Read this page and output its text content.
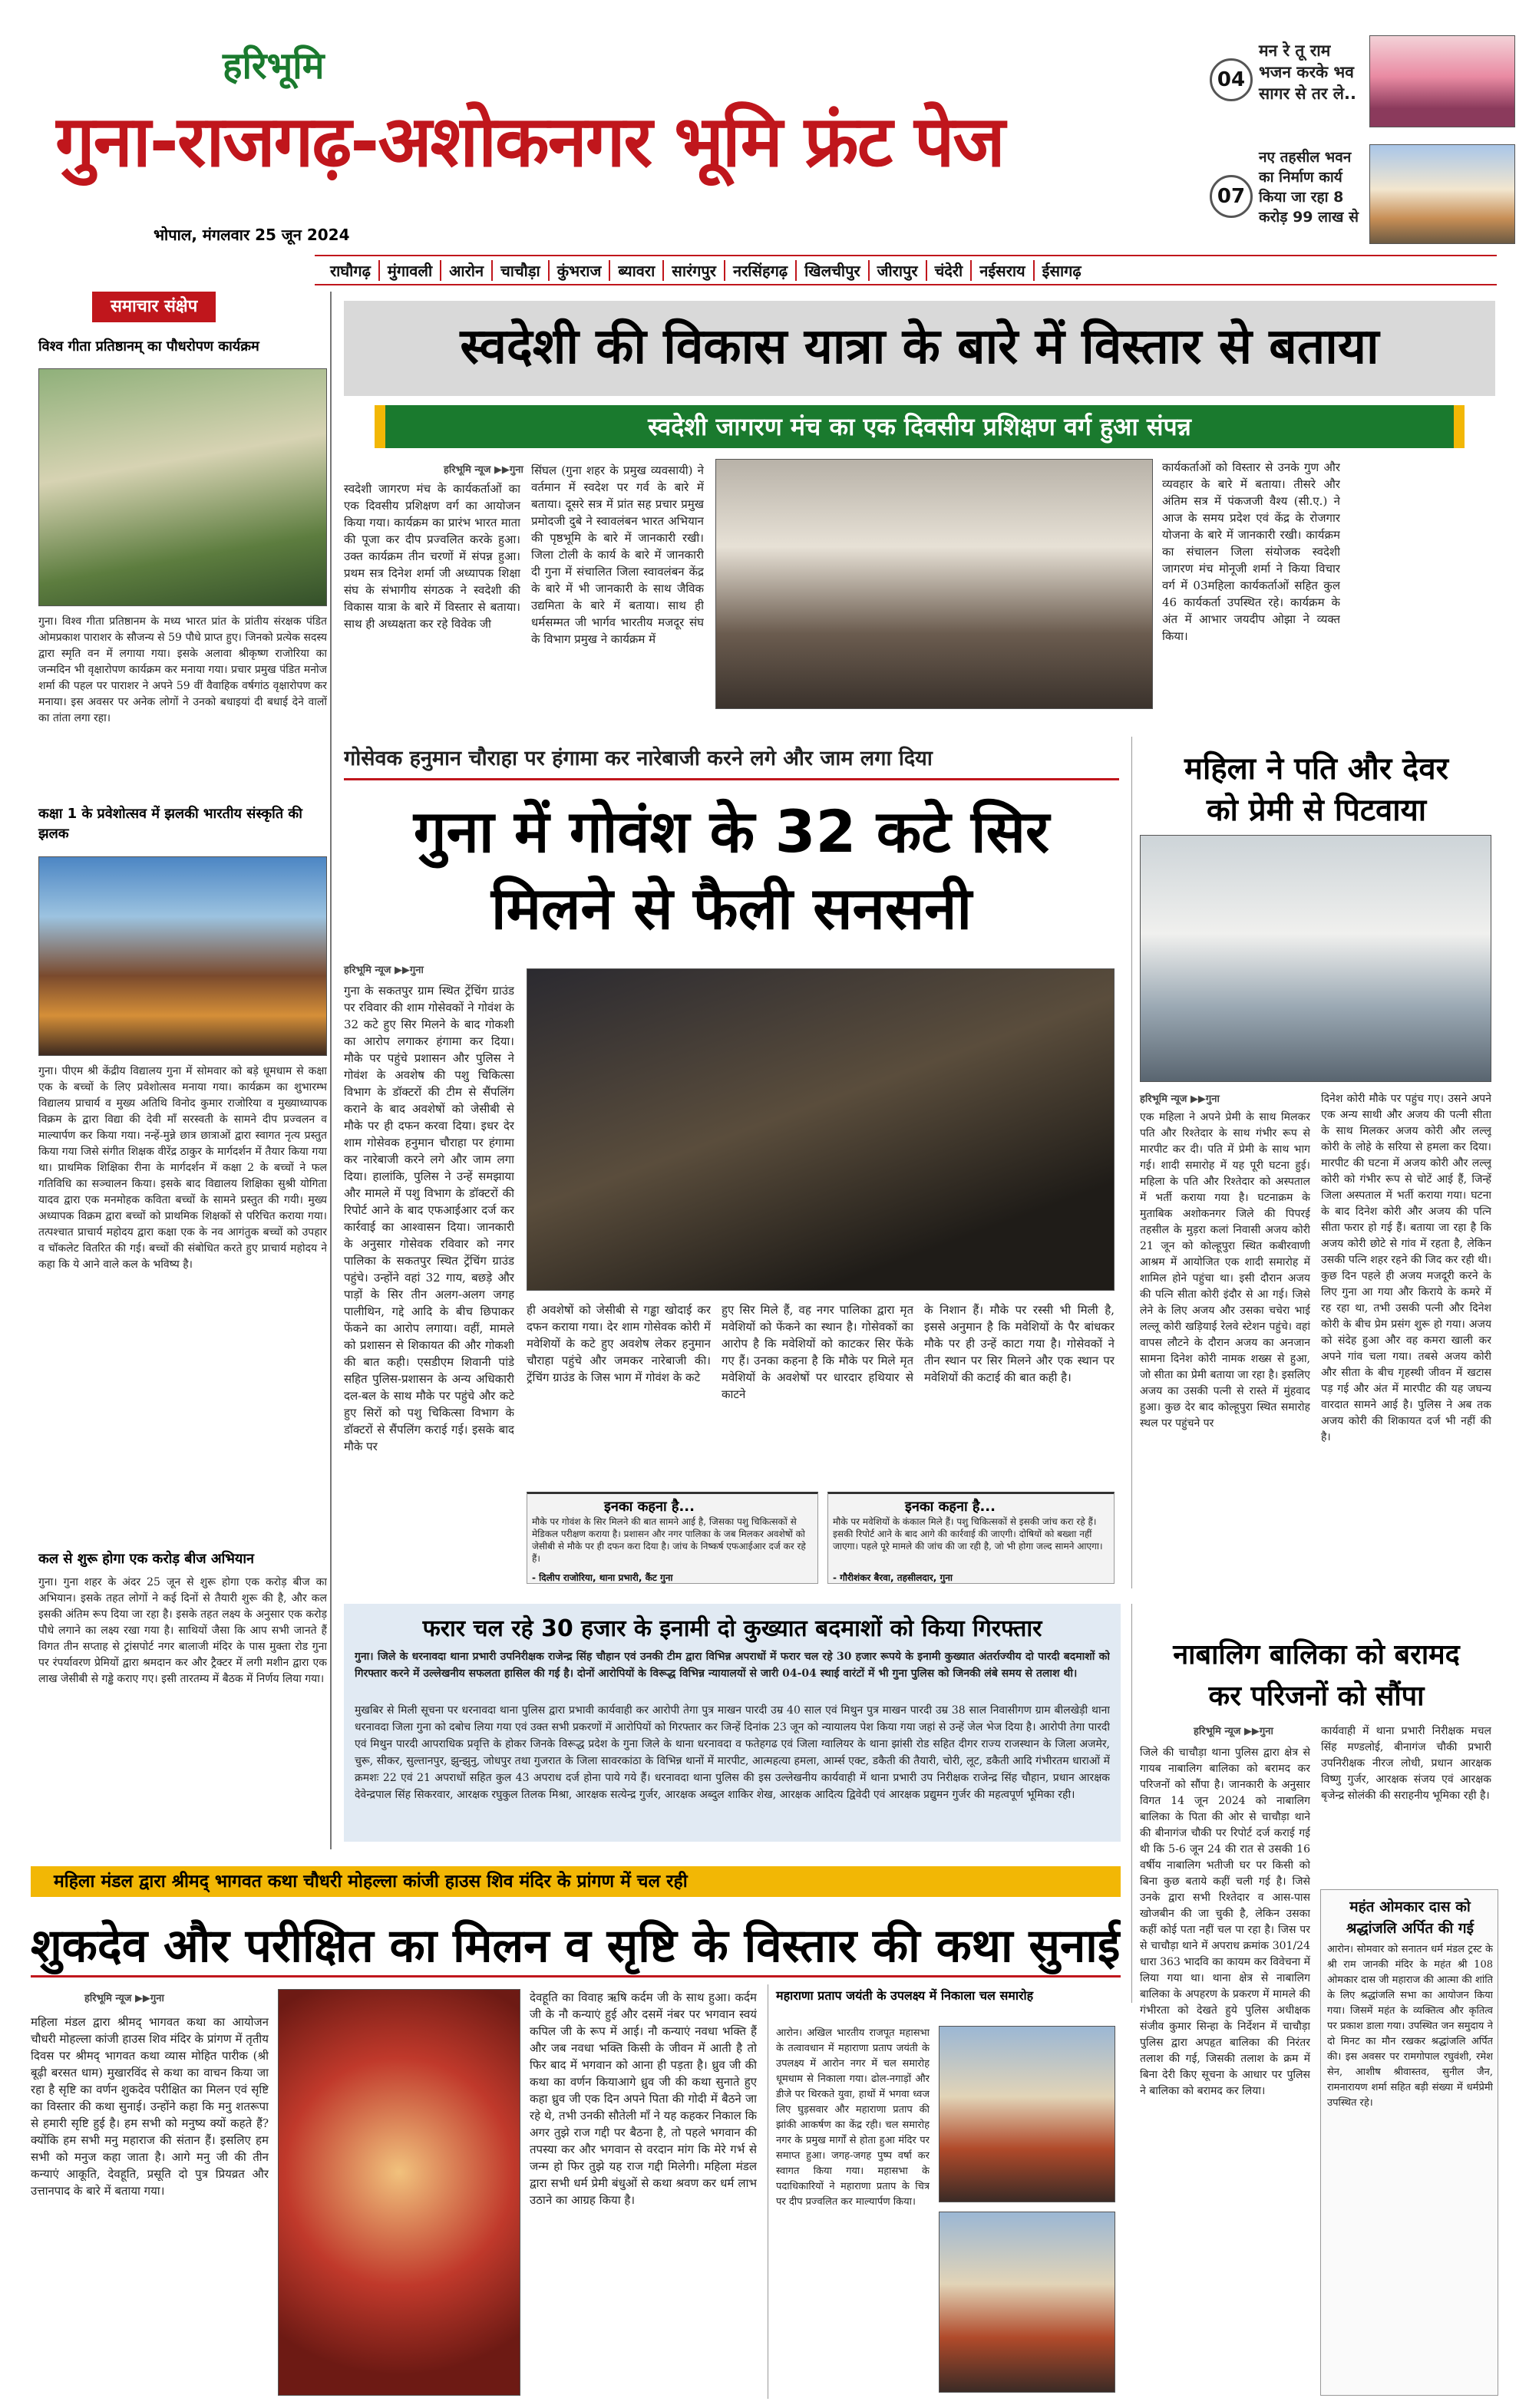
हरिभूमि
गुना-राजगढ़-अशोकनगर भूमि फ्रंट पेज
भोपाल, मंगलवार 25 जून 2024
04
मन रे तू राम भजन करके भव सागर से तर ले..
07
नए तहसील भवन का निर्माण कार्य किया जा रहा 8 करोड़ 99 लाख से
राघौगढ़	मुंगावली	आरोन	चाचौड़ा	कुंभराज	ब्यावरा	सारंगपुर	नरसिंहगढ़	खिलचीपुर	जीरापुर	चंदेरी	नईसराय	ईसागढ़
समाचार संक्षेप
विश्व गीता प्रतिष्ठानम् का पौधरोपण कार्यक्रम
गुना। विश्व गीता प्रतिष्ठानम के मध्य भारत प्रांत के प्रांतीय संरक्षक पंडित ओमप्रकाश पाराशर के सौजन्य से 59 पौधे प्राप्त हुए। जिनको प्रत्येक सदस्य द्वारा स्मृति वन में लगाया गया। इसके अलावा श्रीकृष्ण राजोरिया का जन्मदिन भी वृक्षारोपण कार्यक्रम कर मनाया गया। प्रचार प्रमुख पंडित मनोज शर्मा की पहल पर पाराशर ने अपने 59 वीं वैवाहिक वर्षगांठ वृक्षारोपण कर मनाया। इस अवसर पर अनेक लोगों ने उनको बधाइयां दी बधाई देने वालों का तांता लगा रहा।
कक्षा 1 के प्रवेशोत्सव में झलकी भारतीय संस्कृति की झलक
गुना। पीएम श्री केंद्रीय विद्यालय गुना में सोमवार को बड़े धूमधाम से कक्षा एक के बच्चों के लिए प्रवेशोत्सव मनाया गया। कार्यक्रम का शुभारम्भ विद्यालय प्राचार्य व मुख्य अतिथि विनोद कुमार राजोरिया व मुख्याध्यापक विक्रम के द्वारा विद्या की देवी माँ सरस्वती के सामने दीप प्रज्वलन व माल्यार्पण कर किया गया। नन्हें-मुन्ने छात्र छात्राओं द्वारा स्वागत नृत्य प्रस्तुत किया गया जिसे संगीत शिक्षक वीरेंद्र ठाकुर के मार्गदर्शन में तैयार किया गया था। प्राथमिक शिक्षिका रीना के मार्गदर्शन में कक्षा 2 के बच्चों ने फल गतिविधि का सञ्चालन किया। इसके बाद विद्यालय शिक्षिका सुश्री योगिता यादव द्वारा एक मनमोहक कविता बच्चों के सामने प्रस्तुत की गयी। मुख्य अध्यापक विक्रम द्वारा बच्चों को प्राथमिक शिक्षकों से परिचित कराया गया। तत्पश्चात प्राचार्य महोदय द्वारा कक्षा एक के नव आगंतुक बच्चों को उपहार व चॉकलेट वितरित की गई। बच्चों की संबोधित करते हुए प्राचार्य महोदय ने कहा कि ये आने वाले कल के भविष्य है।
कल से शुरू होगा एक करोड़ बीज अभियान
गुना। गुना शहर के अंदर 25 जून से शुरू होगा एक करोड़ बीज का अभियान। इसके तहत लोगों ने कई दिनों से तैयारी शुरू की है, और कल इसकी अंतिम रूप दिया जा रहा है। इसके तहत लक्ष्य के अनुसार एक करोड़ पौधे लगाने का लक्ष्य रखा गया है। साथियों जैसा कि आप सभी जानते हैं विगत तीन सप्ताह से ट्रांसपोर्ट नगर बालाजी मंदिर के पास मुक्ता रोड गुना पर रंपर्यावरण प्रेमियों द्वारा श्रमदान कर और ट्रैक्टर में लगी मशीन द्वारा एक लाख जेसीबी से गड्ढे कराए गए। इसी तारतम्य में बैठक में निर्णय लिया गया।
स्वदेशी की विकास यात्रा के बारे में विस्तार से बताया
स्वदेशी जागरण मंच का एक दिवसीय प्रशिक्षण वर्ग हुआ संपन्न
हरिभूमि न्यूज ▶▶गुना
स्वदेशी जागरण मंच के कार्यकर्ताओं का एक दिवसीय प्रशिक्षण वर्ग का आयोजन किया गया। कार्यक्रम का प्रारंभ भारत माता की पूजा कर दीप प्रज्वलित करके हुआ। उक्त कार्यक्रम तीन चरणों में संपन्न हुआ। प्रथम सत्र दिनेश शर्मा जी अध्यापक शिक्षा संघ के संभागीय संगठक ने स्वदेशी की विकास यात्रा के बारे में विस्तार से बताया। साथ ही अध्यक्षता कर रहे विवेक जी
सिंघल (गुना शहर के प्रमुख व्यवसायी) ने वर्तमान में स्वदेश पर गर्व के बारे में बताया। दूसरे सत्र में प्रांत सह प्रचार प्रमुख प्रमोदजी दुबे ने स्वावलंबन भारत अभियान की पृष्ठभूमि के बारे में जानकारी रखी। जिला टोली के कार्य के बारे में जानकारी दी गुना में संचालित जिला स्वावलंबन केंद्र के बारे में भी जानकारी के साथ जैविक उद्यमिता के बारे में बताया। साथ ही धर्मसम्मत जी भार्गव भारतीय मजदूर संघ के विभाग प्रमुख ने कार्यक्रम में
कार्यकर्ताओं को विस्तार से उनके गुण और व्यवहार के बारे में बताया। तीसरे और अंतिम सत्र में पंकजजी वैश्य (सी.ए.) ने आज के समय प्रदेश एवं केंद्र के रोजगार योजना के बारे में जानकारी रखी। कार्यक्रम का संचालन जिला संयोजक स्वदेशी जागरण मंच मोनूजी शर्मा ने किया विचार वर्ग में 03महिला कार्यकर्ताओं सहित कुल 46 कार्यकर्ता उपस्थित रहे। कार्यक्रम के अंत में आभार जयदीप ओझा ने व्यक्त किया।
गोसेवक हनुमान चौराहा पर हंगामा कर नारेबाजी करने लगे और जाम लगा दिया
गुना में गोवंश के 32 कटे सिर
मिलने से फैली सनसनी
हरिभूमि न्यूज ▶▶गुना
गुना के सकतपुर ग्राम स्थित ट्रेंचिंग ग्राउंड पर रविवार की शाम गोसेवकों ने गोवंश के 32 कटे हुए सिर मिलने के बाद गोकशी का आरोप लगाकर हंगामा कर दिया। मौके पर पहुंचे प्रशासन और पुलिस ने गोवंश के अवशेष की पशु चिकित्सा विभाग के डॉक्टरों की टीम से सैंपलिंग कराने के बाद अवशेषों को जेसीबी से मौके पर ही दफन करवा दिया। इधर देर शाम गोसेवक हनुमान चौराहा पर हंगामा कर नारेबाजी करने लगे और जाम लगा दिया। हालांकि, पुलिस ने उन्हें समझाया और मामले में पशु विभाग के डॉक्टरों की रिपोर्ट आने के बाद एफआईआर दर्ज कर कार्रवाई का आश्वासन दिया। जानकारी के अनुसार गोसेवक रविवार को नगर पालिका के सकतपुर स्थित ट्रेंचिंग ग्राउंड पहुंचे। उन्होंने वहां 32 गाय, बछड़े और पाड़ों के सिर तीन अलग-अलग जगह पालीथिन, गद्दे आदि के बीच छिपाकर फेंकने का आरोप लगाया। वहीं, मामले को प्रशासन से शिकायत की और गोकशी की बात कही। एसडीएम शिवानी पांडे सहित पुलिस-प्रशासन के अन्य अधिकारी दल-बल के साथ मौके पर पहुंचे और कटे हुए सिरों को पशु चिकित्सा विभाग के डॉक्टरों से सैंपलिंग कराई गई। इसके बाद मौके पर
ही अवशेषों को जेसीबी से गड्ढा खोदाई कर दफन कराया गया। देर शाम गोसेवक कोरी में मवेशियों के कटे हुए अवशेष लेकर हनुमान चौराहा पहुंचे और जमकर नारेबाजी की। ट्रेंचिंग ग्राउंड के जिस भाग में गोवंश के कटे
हुए सिर मिले हैं, वह नगर पालिका द्वारा मृत मवेशियों को फेंकने का स्थान है। गोसेवकों का आरोप है कि मवेशियों को काटकर सिर फेंके गए हैं। उनका कहना है कि मौके पर मिले मृत मवेशियों के अवशेषों पर धारदार हथियार से काटने
के निशान हैं। मौके पर रस्सी भी मिली है, इससे अनुमान है कि मवेशियों के पैर बांधकर मौके पर ही उन्हें काटा गया है। गोसेवकों ने तीन स्थान पर सिर मिलने और एक स्थान पर मवेशियों की कटाई की बात कही है।
इनका कहना है...
मौके पर गोवंश के सिर मिलने की बात सामने आई है, जिसका पशु चिकित्सकों से मेडिकल परीक्षण कराया है। प्रशासन और नगर पालिका के जब मिलकर अवशेषों को जेसीबी से मौके पर ही दफन करा दिया है। जांच के निष्कर्ष एफआईआर दर्ज कर रहे हैं।
- दिलीप राजोरिया, थाना प्रभारी, कैंट गुना
इनका कहना है...
मौके पर मवेशियों के कंकाल मिले हैं। पशु चिकित्सकों से इसकी जांच करा रहे हैं। इसकी रिपोर्ट आने के बाद आगे की कार्रवाई की जाएगी। दोषियों को बख्शा नहीं जाएगा। पहले पूरे मामले की जांच की जा रही है, जो भी होगा जल्द सामने आएगा।
- गौरीशंकर बैरवा, तहसीलदार, गुना
महिला ने पति और देवर
को प्रेमी से पिटवाया
हरिभूमि न्यूज ▶▶गुना
एक महिला ने अपने प्रेमी के साथ मिलकर पति और रिश्तेदार के साथ गंभीर रूप से मारपीट कर दी। पति में प्रेमी के साथ भाग गई। शादी समारोह में यह पूरी घटना हुई। महिला के पति और रिश्तेदार को अस्पताल में भर्ती कराया गया है। घटनाक्रम के मुताबिक अशोकनगर जिले की पिपरई तहसील के मुड़रा कलां निवासी अजय कोरी 21 जून को कोल्हूपुरा स्थित कबीरवाणी आश्रम में आयोजित एक शादी समारोह में शामिल होने पहुंचा था। इसी दौरान अजय की पत्नि सीता कोरी इंदौर से आ गई। जिसे लेने के लिए अजय और उसका चचेरा भाई लल्लू कोरी खड़ियाई रेलवे स्टेशन पहुंचे। वहां वापस लौटने के दौरान अजय का अनजान सामना दिनेश कोरी नामक शख्स से हुआ, जो सीता का प्रेमी बताया जा रहा है। इसलिए अजय का उसकी पत्नी से रास्ते में मुंहवाद हुआ। कुछ देर बाद कोल्हूपुरा स्थित समारोह स्थल पर पहुंचने पर
दिनेश कोरी मौके पर पहुंच गए। उसने अपने एक अन्य साथी और अजय की पत्नी सीता के साथ मिलकर अजय कोरी और लल्लू कोरी के लोहे के सरिया से हमला कर दिया। मारपीट की घटना में अजय कोरी और लल्लू कोरी को गंभीर रूप से चोटें आई हैं, जिन्हें जिला अस्पताल में भर्ती कराया गया। घटना के बाद दिनेश कोरी और अजय की पत्नि सीता फरार हो गई हैं। बताया जा रहा है कि अजय कोरी छोटे से गांव में रहता है, लेकिन उसकी पत्नि शहर रहने की जिद कर रही थी। कुछ दिन पहले ही अजय मजदूरी करने के लिए गुना आ गया और किराये के कमरे में रह रहा था, तभी उसकी पत्नी और दिनेश कोरी के बीच प्रेम प्रसंग शुरू हो गया। अजय को संदेह हुआ और वह कमरा खाली कर अपने गांव चला गया। तबसे अजय कोरी और सीता के बीच गृहस्थी जीवन में खटास पड़ गई और अंत में मारपीट की यह जघन्य वारदात सामने आई है। पुलिस ने अब तक अजय कोरी की शिकायत दर्ज भी नहीं की है।
फरार चल रहे 30 हजार के इनामी दो कुख्यात बदमाशों को किया गिरफ्तार
गुना। जिले के धरनावदा थाना प्रभारी उपनिरीक्षक राजेन्द्र सिंह चौहान एवं उनकी टीम द्वारा विभिन्न अपराधों में फरार चल रहे 30 हजार रूपये के इनामी कुख्यात अंतर्राज्यीय दो पारदी बदमाशों को गिरफ्तार करने में उल्लेखनीय सफलता हासिल की गई है। दोनों आरोपियों के विरूद्ध विभिन्न न्यायालयों से जारी 04-04 स्थाई वारंटों में भी गुना पुलिस को जिनकी लंबे समय से तलाश थी।
मुखबिर से मिली सूचना पर धरनावदा थाना पुलिस द्वारा प्रभावी कार्यवाही कर आरोपी तेगा पुत्र माखन पारदी उम्र 40 साल एवं मिथुन पुत्र माखन पारदी उम्र 38 साल निवासीगण ग्राम बीलखेड़ी थाना धरनावदा जिला गुना को दबोच लिया गया एवं उक्त सभी प्रकरणों में आरोपियों को गिरफ्तार कर जिन्हें दिनांक 23 जून को न्यायालय पेश किया गया जहां से उन्हें जेल भेज दिया है। आरोपी तेगा पारदी एवं मिथुन पारदी आपराधिक प्रवृत्ति के होकर जिनके विरूद्ध प्रदेश के गुना जिले के थाना धरनावदा व फतेहगढ एवं जिला ग्वालियर के थाना झांसी रोड सहित दीगर राज्य राजस्थान के जिला अजमेर, चुरू, सीकर, सुल्तानपुर, झुन्झुनु, जोधपुर तथा गुजरात के जिला सावरकांठा के विभिन्न थानों में मारपीट, आत्महत्या हमला, आर्म्स एक्ट, डकैती की तैयारी, चोरी, लूट, डकैती आदि गंभीरतम धाराओं में क्रमशः 22 एवं 21 अपराधों सहित कुल 43 अपराध दर्ज होना पाये गये हैं। धरनावदा थाना पुलिस की इस उल्लेखनीय कार्यवाही में थाना प्रभारी उप निरीक्षक राजेन्द्र सिंह चौहान, प्रधान आरक्षक देवेन्द्रपाल सिंह सिकरवार, आरक्षक रघुकुल तिलक मिश्रा, आरक्षक सत्येन्द्र गुर्जर, आरक्षक अब्दुल शाकिर शेख, आरक्षक आदित्य द्विवेदी एवं आरक्षक प्रद्युमन गुर्जर की महत्वपूर्ण भूमिका रही।
नाबालिग बालिका को बरामद
कर परिजनों को सौंपा
हरिभूमि न्यूज ▶▶गुना
जिले की चाचौड़ा थाना पुलिस द्वारा क्षेत्र से गायब नाबालिग बालिका को बरामद कर परिजनों को सौंपा है। जानकारी के अनुसार विगत 14 जून 2024 को नाबालिग बालिका के पिता की ओर से चाचौड़ा थाने की बीनागंज चौकी पर रिपोर्ट दर्ज कराई गई थी कि 5-6 जून 24 की रात से उसकी 16 वर्षीय नाबालिग भतीजी घर पर किसी को बिना कुछ बताये कहीं चली गई है। जिसे उनके द्वारा सभी रिश्तेदार व आस-पास खोजबीन की जा चुकी है, लेकिन उसका कहीं कोई पता नहीं चल पा रहा है। जिस पर से चाचौड़ा थाने में अपराध क्रमांक 301/24 धारा 363 भादवि का कायम कर विवेचना में लिया गया था। थाना क्षेत्र से नाबालिग बालिका के अपहरण के प्रकरण में मामले की गंभीरता को देखते हुये पुलिस अधीक्षक संजीव कुमार सिन्हा के निर्देशन में चाचौड़ा पुलिस द्वारा अपहृत बालिका की निरंतर तलाश की गई, जिसकी तलाश के क्रम में बिना देरी किए सूचना के आधार पर पुलिस ने बालिका को बरामद कर लिया।
कार्यवाही में थाना प्रभारी निरीक्षक मचल सिंह मण्डलोई, बीनागंज चौकी प्रभारी उपनिरीक्षक नीरज लोधी, प्रधान आरक्षक विष्णु गुर्जर, आरक्षक संजय एवं आरक्षक बृजेन्द्र सोलंकी की सराहनीय भूमिका रही है।
महंत ओमकार दास को
श्रद्धांजलि अर्पित की गई
आरोन। सोमवार को सनातन धर्म मंडल ट्रस्ट के श्री राम जानकी मंदिर के महंत श्री 108 ओमकार दास जी महाराज की आत्मा की शांति के लिए श्रद्धांजलि सभा का आयोजन किया गया। जिसमें महंत के व्यक्तित्व और कृतित्व पर प्रकाश डाला गया। उपस्थित जन समुदाय ने दो मिनट का मौन रखकर श्रद्धांजलि अर्पित की। इस अवसर पर रामगोपाल रघुवंशी, रमेश सेन, आशीष श्रीवास्तव, सुनील जैन, रामनारायण शर्मा सहित बड़ी संख्या में धर्मप्रेमी उपस्थित रहे।
महिला मंडल द्वारा श्रीमद् भागवत कथा चौधरी मोहल्ला कांजी हाउस शिव मंदिर के प्रांगण में चल रही
शुकदेव और परीक्षित का मिलन व सृष्टि के विस्तार की कथा सुनाई
हरिभूमि न्यूज ▶▶गुना
महिला मंडल द्वारा श्रीमद् भागवत कथा का आयोजन चौधरी मोहल्ला कांजी हाउस शिव मंदिर के प्रांगण में तृतीय दिवस पर श्रीमद् भागवत कथा व्यास मोहित पारीक (श्री बूढ़ी बरसत धाम) मुखारविंद से कथा का वाचन किया जा रहा है सृष्टि का वर्णन शुकदेव परीक्षित का मिलन एवं सृष्टि का विस्तार की कथा सुनाई। उन्होंने कहा कि मनु शतरूपा से हमारी सृष्टि हुई है। हम सभी को मनुष्य क्यों कहते हैं? क्योंकि हम सभी मनु महाराज की संतान हैं। इसलिए हम सभी को मनुज कहा जाता है। आगे मनु जी की तीन कन्याएं आकूति, देवहूति, प्रसूति दो पुत्र प्रियव्रत और उत्तानपाद के बारे में बताया गया।
देवहूति का विवाह ऋषि कर्दम जी के साथ हुआ। कर्दम जी के नौ कन्याएं हुई और दसमें नंबर पर भगवान स्वयं कपिल जी के रूप में आई। नौ कन्याएं नवधा भक्ति हैं और जब नवधा भक्ति किसी के जीवन में आती है तो फिर बाद में भगवान को आना ही पड़ता है। ध्रुव जी की कथा का वर्णन कियाआगे ध्रुव जी की कथा सुनाते हुए कहा ध्रुव जी एक दिन अपने पिता की गोदी में बैठने जा रहे थे, तभी उनकी सौतेली माँ ने यह कहकर निकाल कि अगर तुझे राज गद्दी पर बैठना है, तो पहले भगवान की तपस्या कर और भगवान से वरदान मांग कि मेरे गर्भ से जन्म हो फिर तुझे यह राज गद्दी मिलेगी। महिला मंडल द्वारा सभी धर्म प्रेमी बंधुओं से कथा श्रवण कर धर्म लाभ उठाने का आग्रह किया है।
महाराणा प्रताप जयंती के उपलक्ष्य में निकाला चल समारोह
आरोन। अखिल भारतीय राजपूत महासभा के तत्वावधान में महाराणा प्रताप जयंती के उपलक्ष्य में आरोन नगर में चल समारोह धूमधाम से निकाला गया। ढोल-नगाड़ों और डीजे पर थिरकते युवा, हाथों में भगवा ध्वज लिए घुड़सवार और महाराणा प्रताप की झांकी आकर्षण का केंद्र रही। चल समारोह नगर के प्रमुख मार्गों से होता हुआ मंदिर पर समाप्त हुआ। जगह-जगह पुष्प वर्षा कर स्वागत किया गया। महासभा के पदाधिकारियों ने महाराणा प्रताप के चित्र पर दीप प्रज्वलित कर माल्यार्पण किया।
